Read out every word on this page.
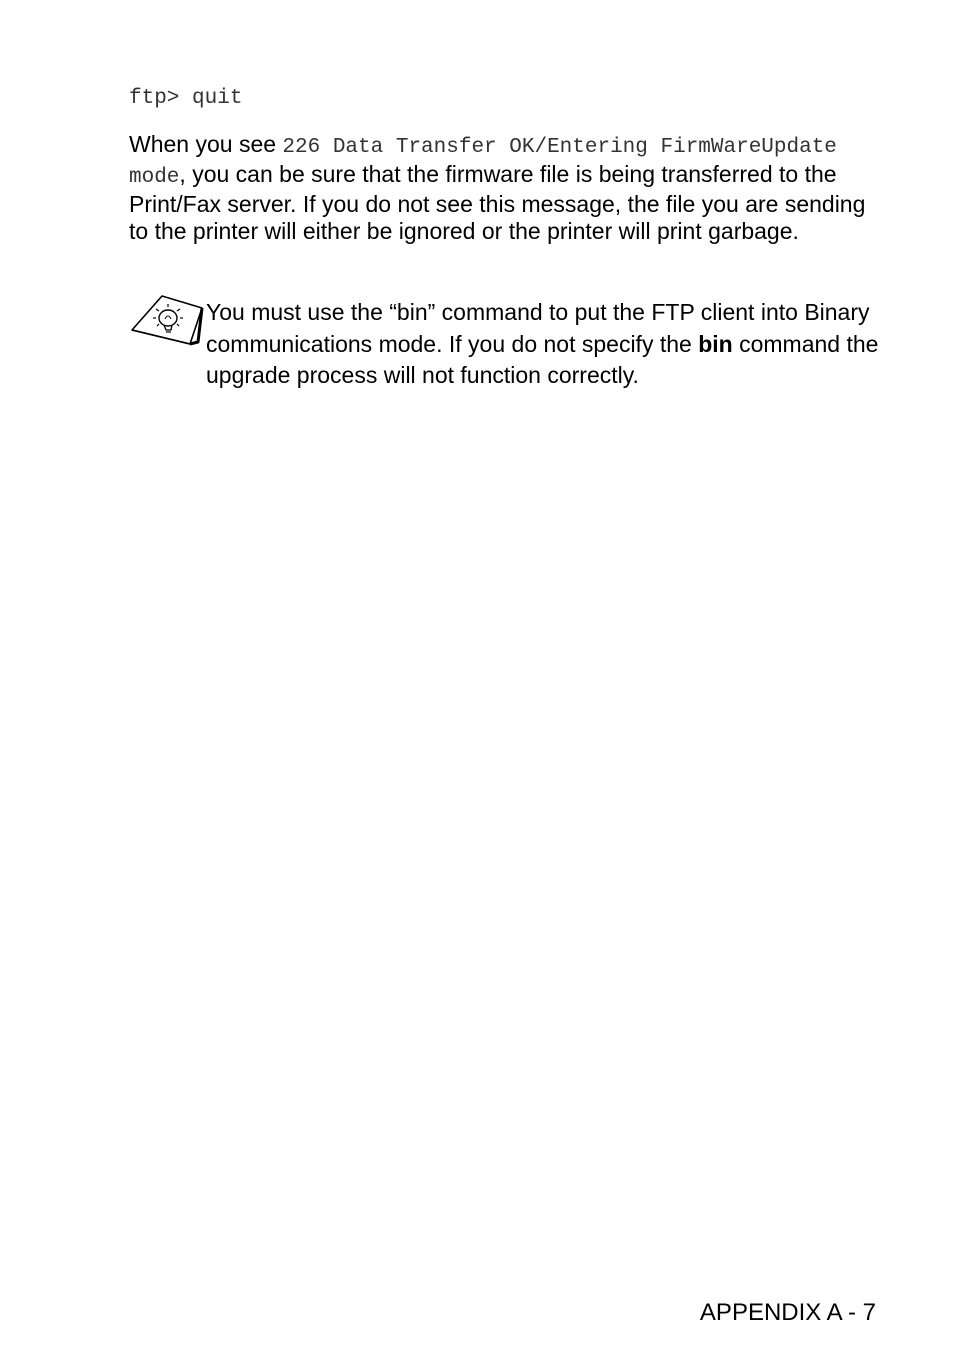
ftp> quit

When you see 226 Data Transfer OK/Entering FirmWareUpdate mode, you can be sure that the firmware file is being transferred to the Print/Fax server. If you do not see this message, the file you are sending to the printer will either be ignored or the printer will print garbage.

You must use the “bin” command to put the FTP client into Binary communications mode. If you do not specify the bin command the upgrade process will not function correctly.

APPENDIX A - 7
